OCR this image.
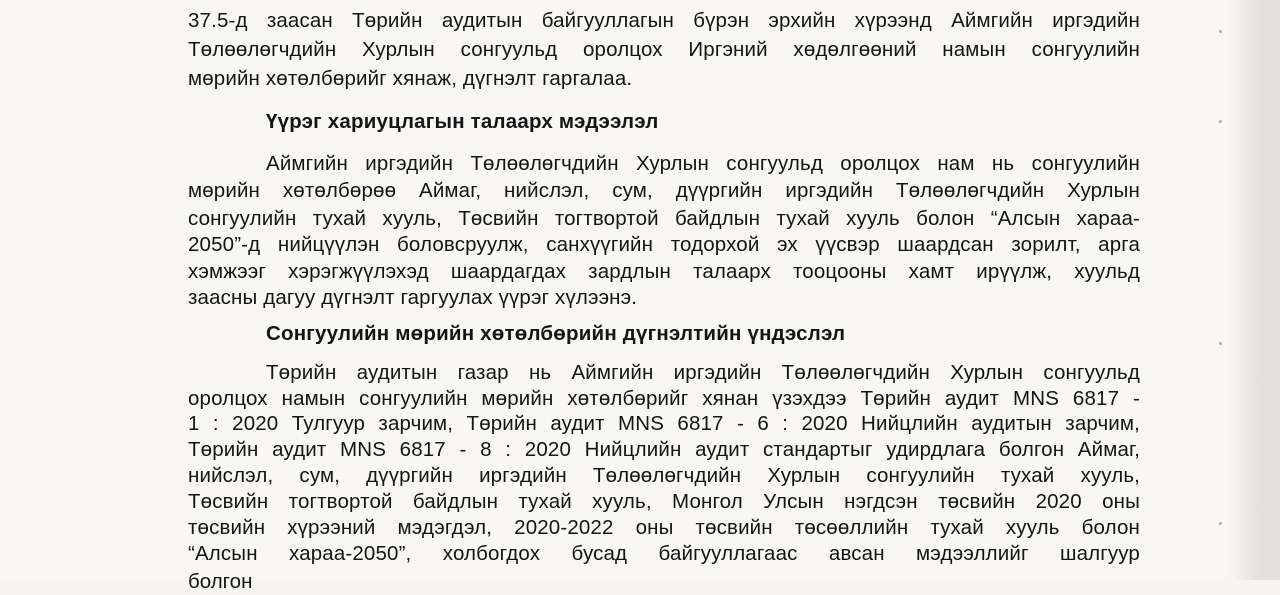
37.5-д заасан Төрийн аудитын байгууллагын бүрэн эрхийн хүрээнд Аймгийн иргэдийн
Төлөөлөгчдийн Хурлын сонгуульд оролцох Иргэний хөдөлгөөний намын сонгуулийн
мөрийн хөтөлбөрийг хянаж, дүгнэлт гаргалаа.
Үүрэг хариуцлагын талаарх мэдээлэл
Аймгийн иргэдийн Төлөөлөгчдийн Хурлын сонгуульд оролцох нам нь сонгуулийн
мөрийн хөтөлбөрөө Аймаг, нийслэл, сум, дүүргийн иргэдийн Төлөөлөгчдийн Хурлын
сонгуулийн тухай хууль, Төсвийн тогтвортой байдлын тухай хууль болон “Алсын хараа-
2050”-д нийцүүлэн боловсруулж, санхүүгийн тодорхой эх үүсвэр шаардсан зорилт, арга
хэмжээг хэрэгжүүлэхэд шаардагдах зардлын талаарх тооцооны хамт ирүүлж, хуульд
заасны дагуу дүгнэлт гаргуулах үүрэг хүлээнэ.
Сонгуулийн мөрийн хөтөлбөрийн дүгнэлтийн үндэслэл
Төрийн аудитын газар нь Аймгийн иргэдийн Төлөөлөгчдийн Хурлын сонгуульд
оролцох намын сонгуулийн мөрийн хөтөлбөрийг хянан үзэхдээ Төрийн аудит MNS 6817 -
1 : 2020 Тулгуур зарчим, Төрийн аудит MNS 6817 - 6 : 2020 Нийцлийн аудитын зарчим,
Төрийн аудит MNS 6817 - 8 : 2020 Нийцлийн аудит стандартыг удирдлага болгон Аймаг,
нийслэл, сум, дүүргийн иргэдийн Төлөөлөгчдийн Хурлын сонгуулийн тухай хууль,
Төсвийн тогтвортой байдлын тухай хууль, Монгол Улсын нэгдсэн төсвийн 2020 оны
төсвийн хүрээний мэдэгдэл, 2020-2022 оны төсвийн төсөөллийн тухай хууль болон
“Алсын хараа-2050”, холбогдох бусад байгууллагаас авсан мэдээллийг шалгуур
болгон
